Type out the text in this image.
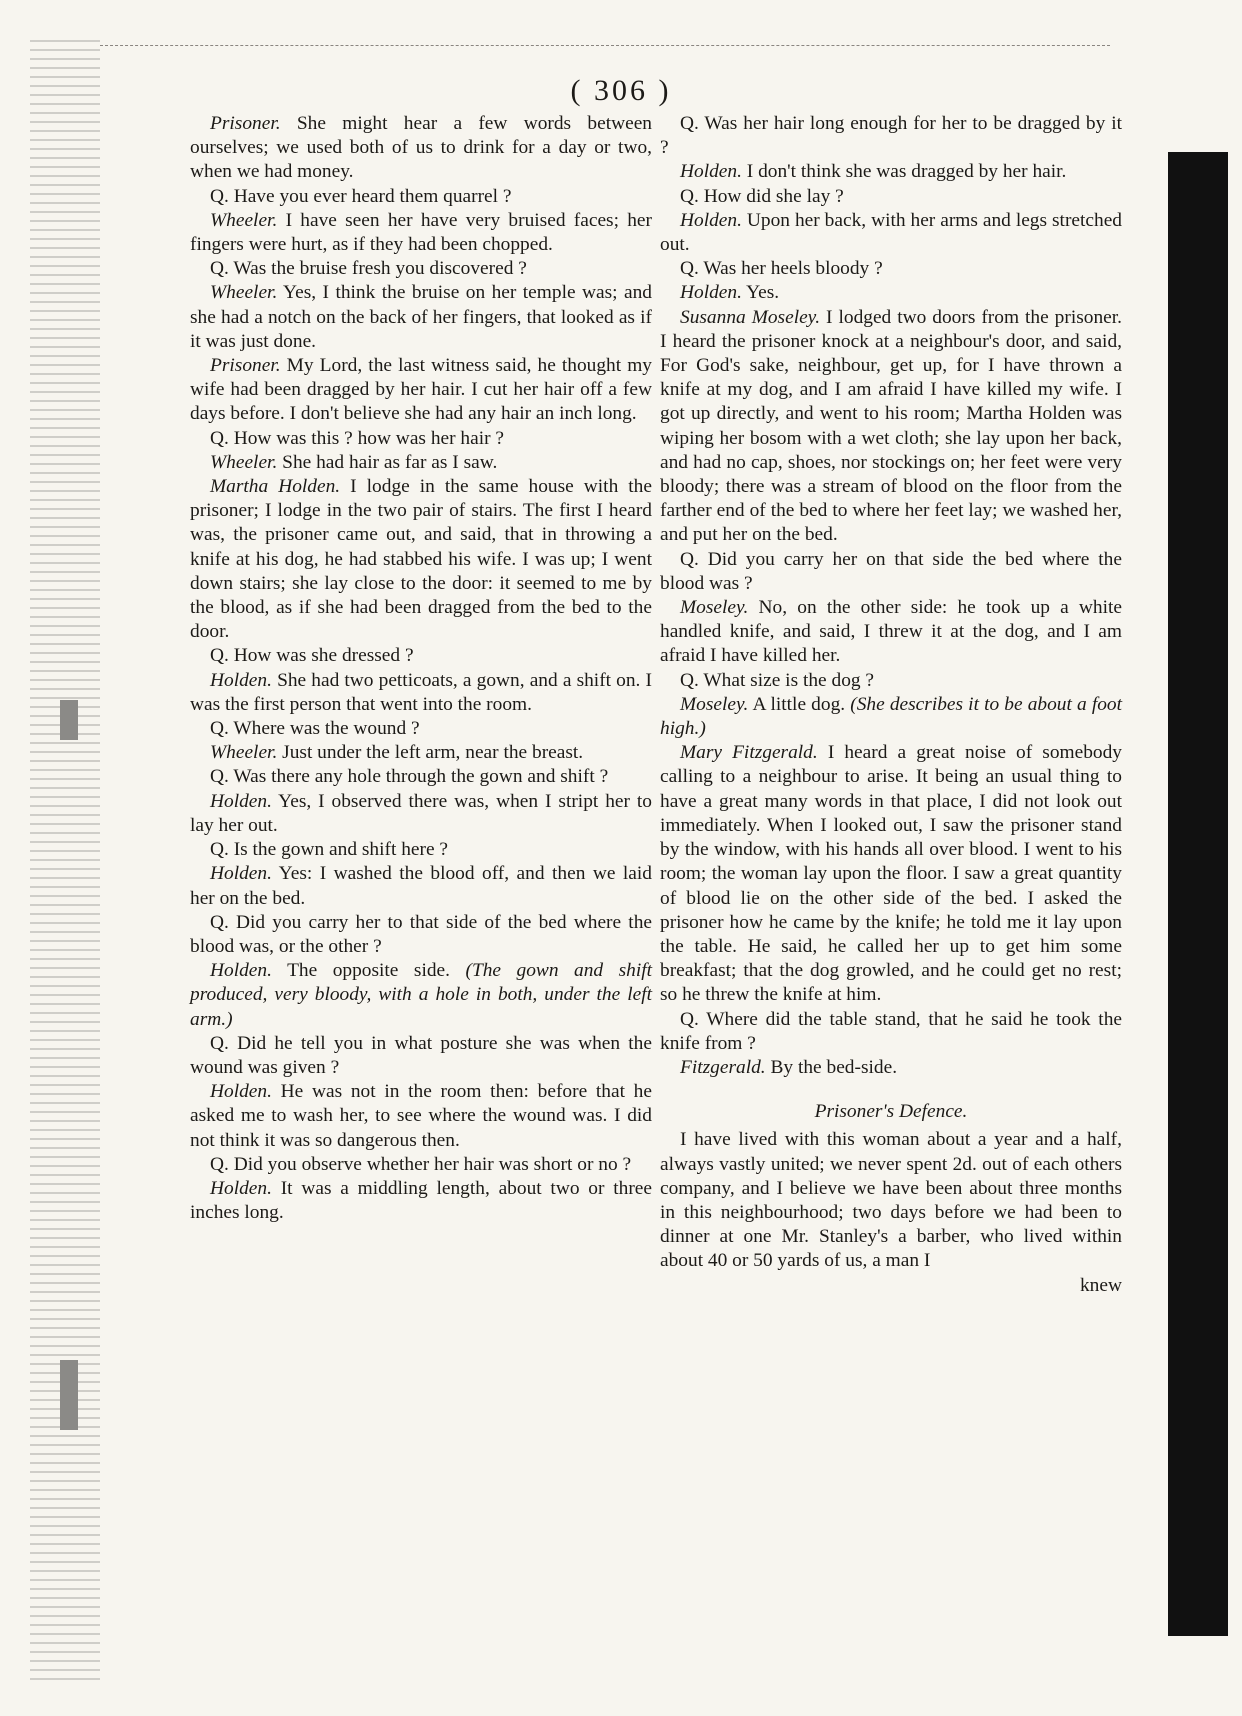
( 306 )

Prisoner. She might hear a few words between ourselves; we used both of us to drink for a day or two, when we had money.

Q. Have you ever heard them quarrel ?

Wheeler. I have seen her have very bruised faces; her fingers were hurt, as if they had been chopped.

Q. Was the bruise fresh you discovered ?

Wheeler. Yes, I think the bruise on her temple was; and she had a notch on the back of her fingers, that looked as if it was just done.

Prisoner. My Lord, the last witness said, he thought my wife had been dragged by her hair. I cut her hair off a few days before. I don't believe she had any hair an inch long.

Q. How was this ? how was her hair ?

Wheeler. She had hair as far as I saw.

Martha Holden. I lodge in the same house with the prisoner; I lodge in the two pair of stairs. The first I heard was, the prisoner came out, and said, that in throwing a knife at his dog, he had stabbed his wife. I was up; I went down stairs; she lay close to the door: it seemed to me by the blood, as if she had been dragged from the bed to the door.

Q. How was she dressed ?

Holden. She had two petticoats, a gown, and a shift on. I was the first person that went into the room.

Q. Where was the wound ?

Wheeler. Just under the left arm, near the breast.

Q. Was there any hole through the gown and shift ?

Holden. Yes, I observed there was, when I stript her to lay her out.

Q. Is the gown and shift here ?

Holden. Yes: I washed the blood off, and then we laid her on the bed.

Q. Did you carry her to that side of the bed where the blood was, or the other ?

Holden. The opposite side. (The gown and shift produced, very bloody, with a hole in both, under the left arm.)

Q. Did he tell you in what posture she was when the wound was given ?

Holden. He was not in the room then: before that he asked me to wash her, to see where the wound was. I did not think it was so dangerous then.

Q. Did you observe whether her hair was short or no ?

Holden. It was a middling length, about two or three inches long.

Q. Was her hair long enough for her to be dragged by it ?

Holden. I don't think she was dragged by her hair.

Q. How did she lay ?

Holden. Upon her back, with her arms and legs stretched out.

Q. Was her heels bloody ?

Holden. Yes.

Susanna Moseley. I lodged two doors from the prisoner. I heard the prisoner knock at a neighbour's door, and said, For God's sake, neighbour, get up, for I have thrown a knife at my dog, and I am afraid I have killed my wife. I got up directly, and went to his room; Martha Holden was wiping her bosom with a wet cloth; she lay upon her back, and had no cap, shoes, nor stockings on; her feet were very bloody; there was a stream of blood on the floor from the farther end of the bed to where her feet lay; we washed her, and put her on the bed.

Q. Did you carry her on that side the bed where the blood was ?

Moseley. No, on the other side: he took up a white handled knife, and said, I threw it at the dog, and I am afraid I have killed her.

Q. What size is the dog ?

Moseley. A little dog. (She describes it to be about a foot high.)

Mary Fitzgerald. I heard a great noise of somebody calling to a neighbour to arise. It being an usual thing to have a great many words in that place, I did not look out immediately. When I looked out, I saw the prisoner stand by the window, with his hands all over blood. I went to his room; the woman lay upon the floor. I saw a great quantity of blood lie on the other side of the bed. I asked the prisoner how he came by the knife; he told me it lay upon the table. He said, he called her up to get him some breakfast; that the dog growled, and he could get no rest; so he threw the knife at him.

Q. Where did the table stand, that he said he took the knife from ?

Fitzgerald. By the bed-side.

Prisoner's Defence.

I have lived with this woman about a year and a half, always vastly united; we never spent 2d. out of each others company, and I believe we have been about three months in this neighbourhood; two days before we had been to dinner at one Mr. Stanley's a barber, who lived within about 40 or 50 yards of us, a man I

knew
